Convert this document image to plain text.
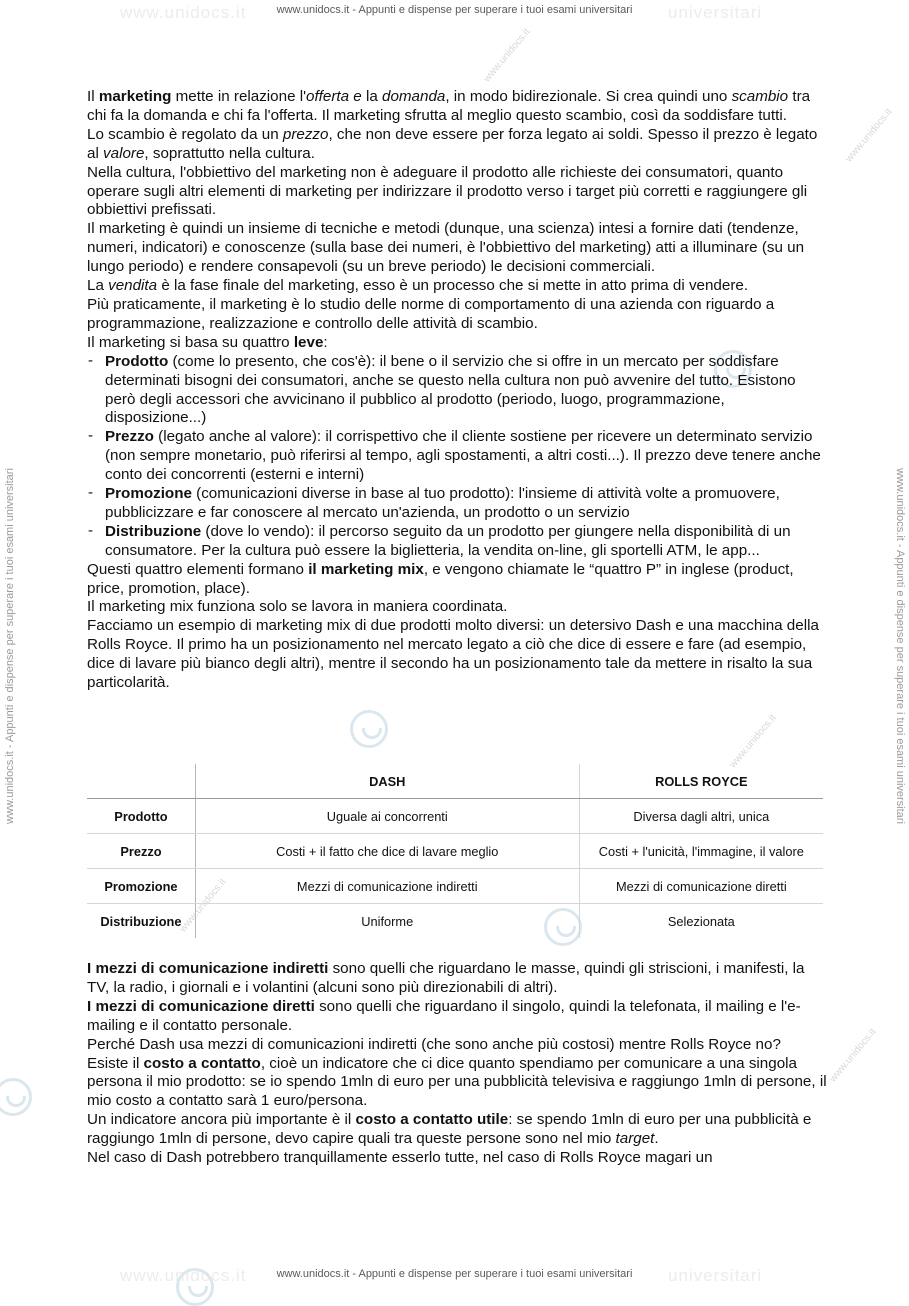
www.unidocs.it	universitari
www.unidocs.it - Appunti e dispense per superare i tuoi esami universitari
www.unidocs.it	universitari
www.unidocs.it - Appunti e dispense per superare i tuoi esami universitari
www.unidocs.it - Appunti e dispense per superare i tuoi esami universitari	www.unidocs.it - Appunti e dispense per superare i tuoi esami universitari
www.unidocs.it
www.unidocs.it
www.unidocs.it
www.unidocs.it
www.unidocs.it

Il marketing mette in relazione l'offerta e la domanda, in modo bidirezionale. Si crea quindi uno scambio tra chi fa la domanda e chi fa l'offerta. Il marketing sfrutta al meglio questo scambio, così da soddisfare tutti.

Lo scambio è regolato da un prezzo, che non deve essere per forza legato ai soldi. Spesso il prezzo è legato al valore, soprattutto nella cultura.

Nella cultura, l'obbiettivo del marketing non è adeguare il prodotto alle richieste dei consumatori, quanto operare sugli altri elementi di marketing per indirizzare il prodotto verso i target più corretti e raggiungere gli obbiettivi prefissati.

Il marketing è quindi un insieme di tecniche e metodi (dunque, una scienza) intesi a fornire dati (tendenze, numeri, indicatori) e conoscenze (sulla base dei numeri, è l'obbiettivo del marketing) atti a illuminare (su un lungo periodo) e rendere consapevoli (su un breve periodo) le decisioni commerciali.

La vendita è la fase finale del marketing, esso è un processo che si mette in atto prima di vendere.

Più praticamente, il marketing è lo studio delle norme di comportamento di una azienda con riguardo a programmazione, realizzazione e controllo delle attività di scambio.

Il marketing si basa su quattro leve:

- Prodotto (come lo presento, che cos'è): il bene o il servizio che si offre in un mercato per soddisfare determinati bisogni dei consumatori, anche se questo nella cultura non può avvenire del tutto. Esistono però degli accessori che avvicinano il pubblico al prodotto (periodo, luogo, programmazione, disposizione...)
- Prezzo (legato anche al valore): il corrispettivo che il cliente sostiene per ricevere un determinato servizio (non sempre monetario, può riferirsi al tempo, agli spostamenti, a altri costi...). Il prezzo deve tenere anche conto dei concorrenti (esterni e interni)
- Promozione (comunicazioni diverse in base al tuo prodotto): l'insieme di attività volte a promuovere, pubblicizzare e far conoscere al mercato un'azienda, un prodotto o un servizio
- Distribuzione (dove lo vendo): il percorso seguito da un prodotto per giungere nella disponibilità di un consumatore. Per la cultura può essere la biglietteria, la vendita on-line, gli sportelli ATM, le app...

Questi quattro elementi formano il marketing mix, e vengono chiamate le “quattro P” in inglese (product, price, promotion, place).

Il marketing mix funziona solo se lavora in maniera coordinata.

Facciamo un esempio di marketing mix di due prodotti molto diversi: un detersivo Dash e una macchina della Rolls Royce. Il primo ha un posizionamento nel mercato legato a ciò che dice di essere e fare (ad esempio, dice di lavare più bianco degli altri), mentre il secondo ha un posizionamento tale da mettere in risalto la sua particolarità.

	DASH	ROLLS ROYCE
Prodotto	Uguale ai concorrenti	Diversa dagli altri, unica
Prezzo	Costi + il fatto che dice di lavare meglio	Costi + l'unicità, l'immagine, il valore
Promozione	Mezzi di comunicazione indiretti	Mezzi di comunicazione diretti
Distribuzione	Uniforme	Selezionata

I mezzi di comunicazione indiretti sono quelli che riguardano le masse, quindi gli striscioni, i manifesti, la TV, la radio, i giornali e i volantini (alcuni sono più direzionabili di altri).

I mezzi di comunicazione diretti sono quelli che riguardano il singolo, quindi la telefonata, il mailing e l'e-mailing e il contatto personale.

Perché Dash usa mezzi di comunicazioni indiretti (che sono anche più costosi) mentre Rolls Royce no?

Esiste il costo a contatto, cioè un indicatore che ci dice quanto spendiamo per comunicare a una singola persona il mio prodotto: se io spendo 1mln di euro per una pubblicità televisiva e raggiungo 1mln di persone, il mio costo a contatto sarà 1 euro/persona.

Un indicatore ancora più importante è il costo a contatto utile: se spendo 1mln di euro per una pubblicità e raggiungo 1mln di persone, devo capire quali tra queste persone sono nel mio target.

Nel caso di Dash potrebbero tranquillamente esserlo tutte, nel caso di Rolls Royce magari un
